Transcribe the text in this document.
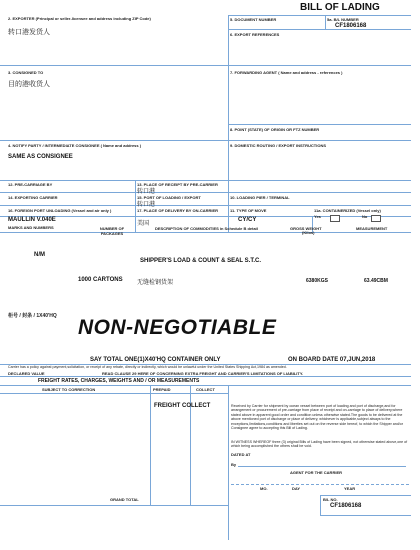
BILL OF LADING
2. EXPORTER (Principal or seller-licensee and address including ZIP Code)
转口港发货人
5. DOCUMENT NUMBER	5a. B/L NUMBER
CF1806168
6. EXPORT REFERENCES
3. CONSIGNED TO
目的港收货人
7. FORWARDING AGENT ( Name and address - references )
8. POINT (STATE) OF ORIGIN OR FTZ NUMBER
4. NOTIFY PARTY / INTERMEDIATE CONSIGNEE ( Name and address )
SAME AS CONSIGNEE
9. DOMESTIC ROUTING / EXPORT INSTRUCTIONS
12. PRE-CARRIAGE BY	13. PLACE OF RECEIPT BY PRE-CARRIER
转口港
14. EXPORTING CARRIER	15. PORT OF LOADING / EXPORT
转口港
10. LOADING PIER / TERMINAL
16. FOREIGN PORT UNLOADING (Vessel and air only )
MAULLIN V.040E
17. PLACE OF DELIVERY BY ON-CARRIER
美国
11. TYPE OF MOVE
CY/CY
11a. CONTAINERIZED (Vessel only)
Yes	No
MARKS AND NUMBERS	NUMBER OF PACKAGES
DESCRIPTION OF COMMODITIES in Schedule B detail	GROSS WEIGHT
(Kilos)
MEASUREMENT
N/M
SHIPPER'S LOAD & COUNT & SEAL S.T.C.
1000 CARTONS 无缝检钢货架	6380KGS	63.49CBM
柜号 / 封条 / 1X40'HQ NON-NEGOTIABLE
SAY TOTAL ONE(1)X40'HQ CONTAINER ONLY	ON BOARD DATE 07,JUN,2018
Carrier has a policy against payment,solicitation, or receipt of any rebate, directly or indirectly, which would be unlawful under the United States Shipping Act,1984 as amended.
DECLARED VALUE	READ CLAUSE 29 HERE OF CONCERNING EXTRA FREIGHT AND CARRIER'S LIMITATIONS OF LIABILITY.
FREIGHT RATES, CHARGES, WEIGHTS AND / OR MEASUREMENTS
SUBJECT TO CORRECTION	PREPAID	COLLECT
FREIGHT COLLECT	Received by Carrier for shipment by ocean vessel between port of loading and port of discharge,and for arrangement or procurement of pre-carriage from place of receipt and on-carriage to place of delivery,where stated above in apparent good order and condition unless otherwise stated.The goods to be delivered at the above mentioned port of discharge or place of delivery, whichever is applicable,subject always to the exceptions,limitations,conditions and liberties set out on the reverse side hereof, to which the Shipper and/or Consignee agree to accepting this Bill of Lading.
IN WITNESS WHEREOF three (3) original Bills of Lading have been signed, not otherwise stated above,one of which being accomplished the others shall be void.
DATED AT
By
AGENT FOR THE CARRIER
MO.	DAY	YEAR
GRAND TOTAL	B/L NO.
CF1806168
